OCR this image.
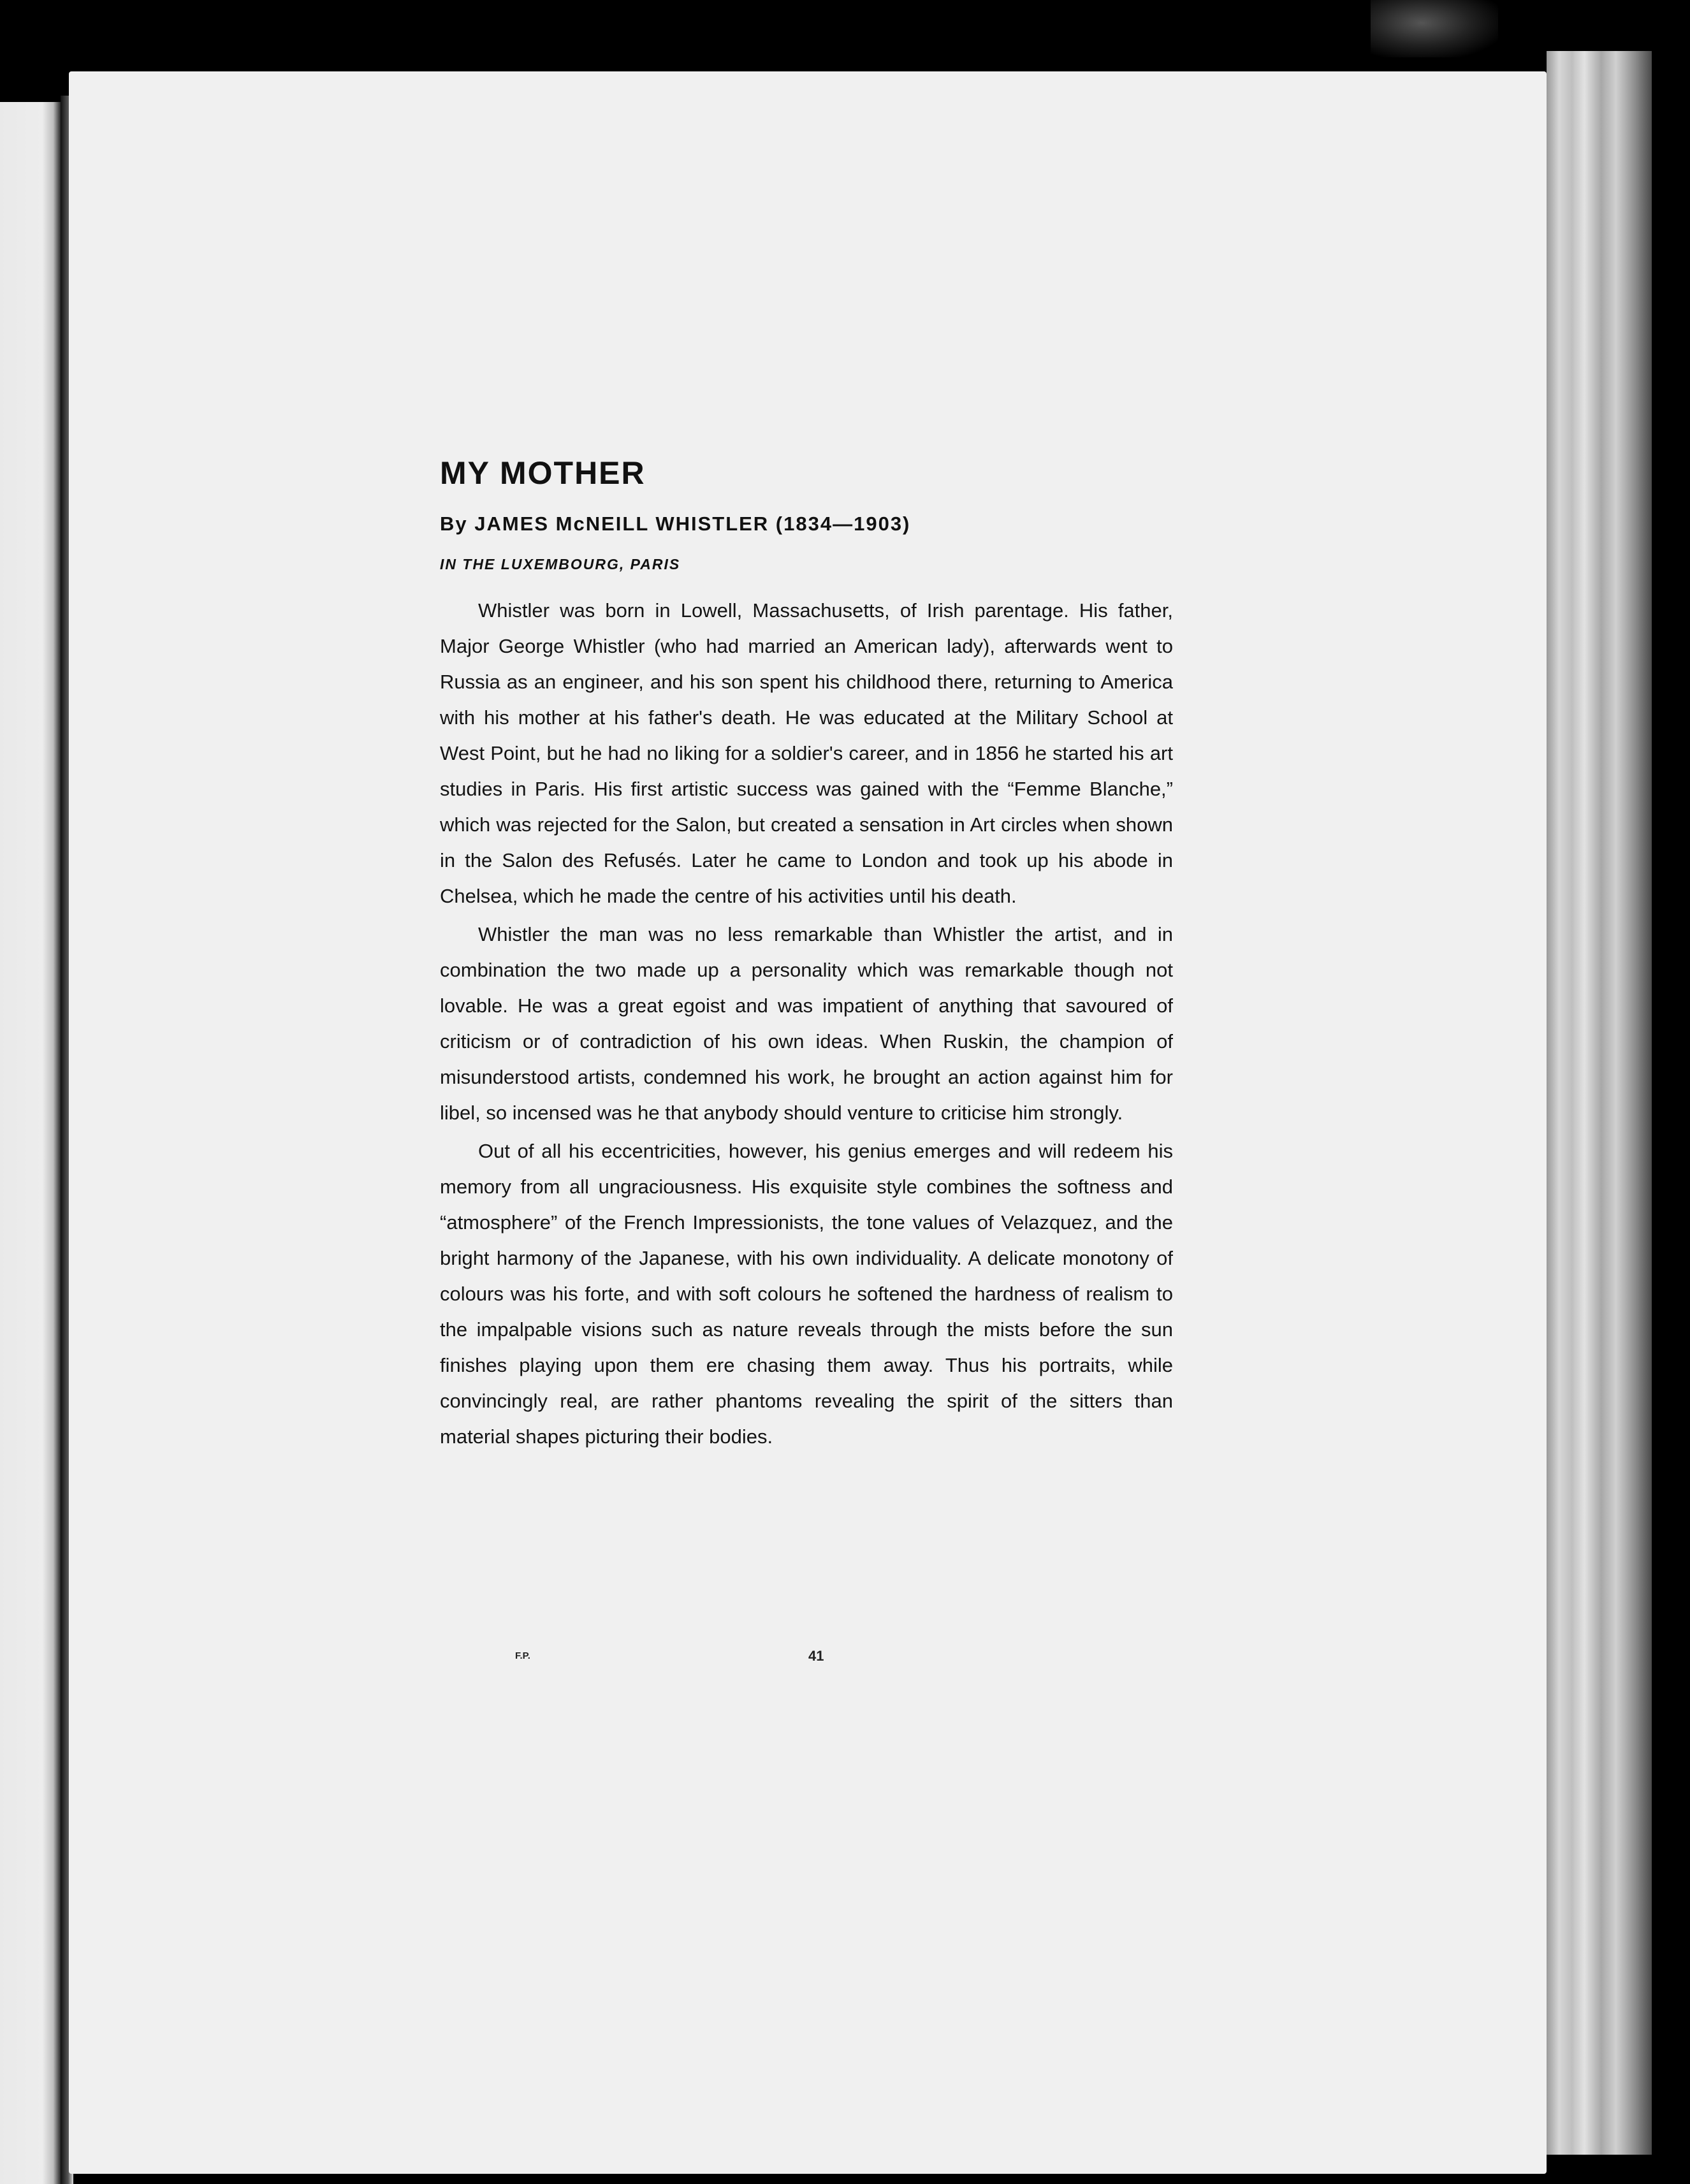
MY MOTHER
By JAMES McNEILL WHISTLER (1834—1903)
IN THE LUXEMBOURG, PARIS

Whistler was born in Lowell, Massachusetts, of Irish parentage. His father, Major George Whistler (who had married an American lady), afterwards went to Russia as an engineer, and his son spent his childhood there, returning to America with his mother at his father's death. He was educated at the Military School at West Point, but he had no liking for a soldier's career, and in 1856 he started his art studies in Paris. His first artistic success was gained with the “Femme Blanche,” which was rejected for the Salon, but created a sensation in Art circles when shown in the Salon des Refusés. Later he came to London and took up his abode in Chelsea, which he made the centre of his activities until his death.

Whistler the man was no less remarkable than Whistler the artist, and in combination the two made up a personality which was remarkable though not lovable. He was a great egoist and was impatient of anything that savoured of criticism or of contradiction of his own ideas. When Ruskin, the champion of misunderstood artists, condemned his work, he brought an action against him for libel, so incensed was he that anybody should venture to criticise him strongly.

Out of all his eccentricities, however, his genius emerges and will redeem his memory from all ungraciousness. His exquisite style combines the softness and “atmosphere” of the French Impressionists, the tone values of Velazquez, and the bright harmony of the Japanese, with his own individuality. A delicate monotony of colours was his forte, and with soft colours he softened the hardness of realism to the impalpable visions such as nature reveals through the mists before the sun finishes playing upon them ere chasing them away. Thus his portraits, while convincingly real, are rather phantoms revealing the spirit of the sitters than material shapes picturing their bodies.

F.P.	41
